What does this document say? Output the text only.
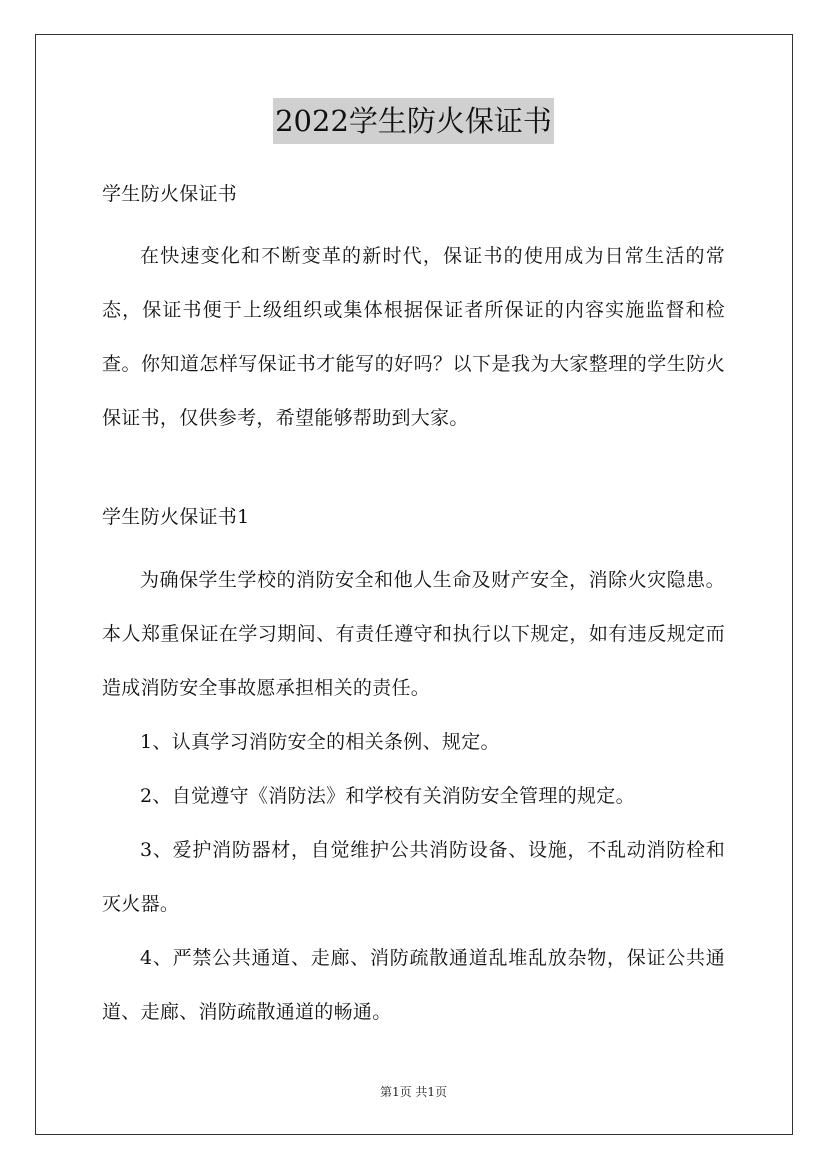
2022学生防火保证书
学生防火保证书
在快速变化和不断变革的新时代，保证书的使用成为日常生活的常态，保证书便于上级组织或集体根据保证者所保证的内容实施监督和检查。你知道怎样写保证书才能写的好吗？以下是我为大家整理的学生防火保证书，仅供参考，希望能够帮助到大家。
学生防火保证书1
为确保学生学校的消防安全和他人生命及财产安全，消除火灾隐患。本人郑重保证在学习期间、有责任遵守和执行以下规定，如有违反规定而造成消防安全事故愿承担相关的责任。
1、认真学习消防安全的相关条例、规定。
2、自觉遵守《消防法》和学校有关消防安全管理的规定。
3、爱护消防器材，自觉维护公共消防设备、设施，不乱动消防栓和灭火器。
4、严禁公共通道、走廊、消防疏散通道乱堆乱放杂物，保证公共通道、走廊、消防疏散通道的畅通。
第1页 共1页
